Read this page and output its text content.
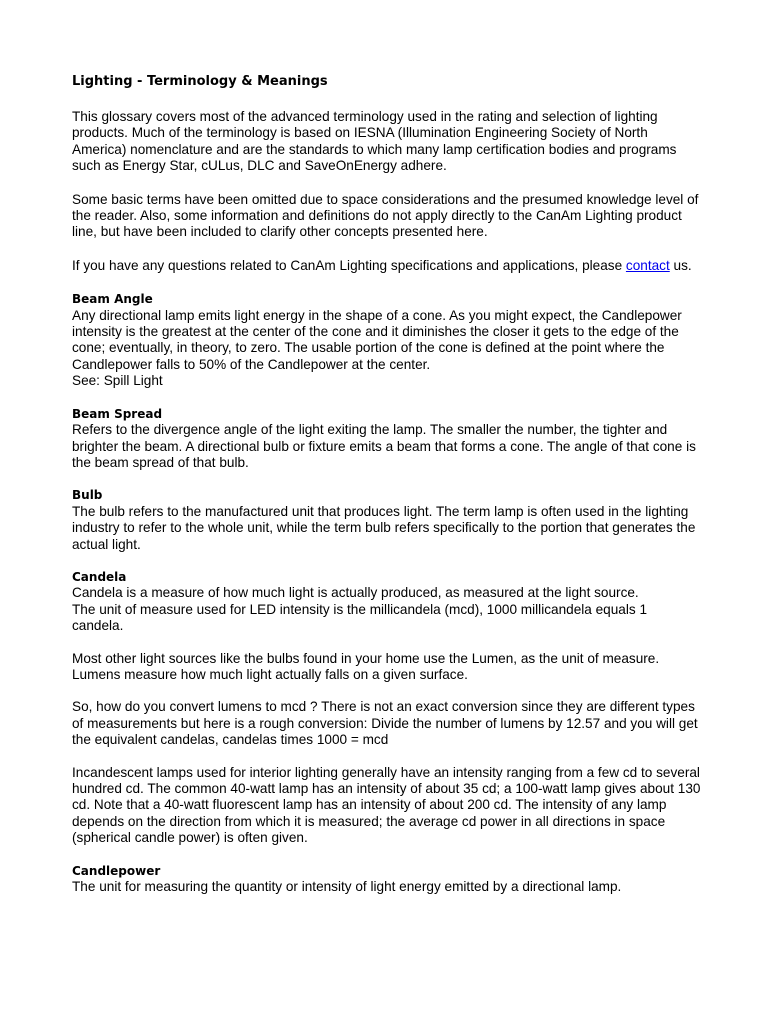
Lighting - Terminology & Meanings
This glossary covers most of the advanced terminology used in the rating and selection of lighting products. Much of the terminology is based on IESNA (Illumination Engineering Society of North America) nomenclature and are the standards to which many lamp certification bodies and programs such as Energy Star, cULus, DLC and SaveOnEnergy adhere.
Some basic terms have been omitted due to space considerations and the presumed knowledge level of the reader. Also, some information and definitions do not apply directly to the CanAm Lighting product line, but have been included to clarify other concepts presented here.
If you have any questions related to CanAm Lighting specifications and applications, please contact us.
Beam Angle
Any directional lamp emits light energy in the shape of a cone. As you might expect, the Candlepower intensity is the greatest at the center of the cone and it diminishes the closer it gets to the edge of the cone; eventually, in theory, to zero. The usable portion of the cone is defined at the point where the Candlepower falls to 50% of the Candlepower at the center.
See: Spill Light
Beam Spread
Refers to the divergence angle of the light exiting the lamp. The smaller the number, the tighter and brighter the beam. A directional bulb or fixture emits a beam that forms a cone. The angle of that cone is the beam spread of that bulb.
Bulb
The bulb refers to the manufactured unit that produces light. The term lamp is often used in the lighting industry to refer to the whole unit, while the term bulb refers specifically to the portion that generates the actual light.
Candela
Candela is a measure of how much light is actually produced, as measured at the light source.
The unit of measure used for LED intensity is the millicandela (mcd), 1000 millicandela equals 1 candela.
Most other light sources like the bulbs found in your home use the Lumen, as the unit of measure. Lumens measure how much light actually falls on a given surface.
So, how do you convert lumens to mcd ? There is not an exact conversion since they are different types of measurements but here is a rough conversion: Divide the number of lumens by 12.57 and you will get the equivalent candelas, candelas times 1000 = mcd
Incandescent lamps used for interior lighting generally have an intensity ranging from a few cd to several hundred cd. The common 40-watt lamp has an intensity of about 35 cd; a 100-watt lamp gives about 130 cd. Note that a 40-watt fluorescent lamp has an intensity of about 200 cd. The intensity of any lamp depends on the direction from which it is measured; the average cd power in all directions in space (spherical candle power) is often given.
Candlepower
The unit for measuring the quantity or intensity of light energy emitted by a directional lamp.
